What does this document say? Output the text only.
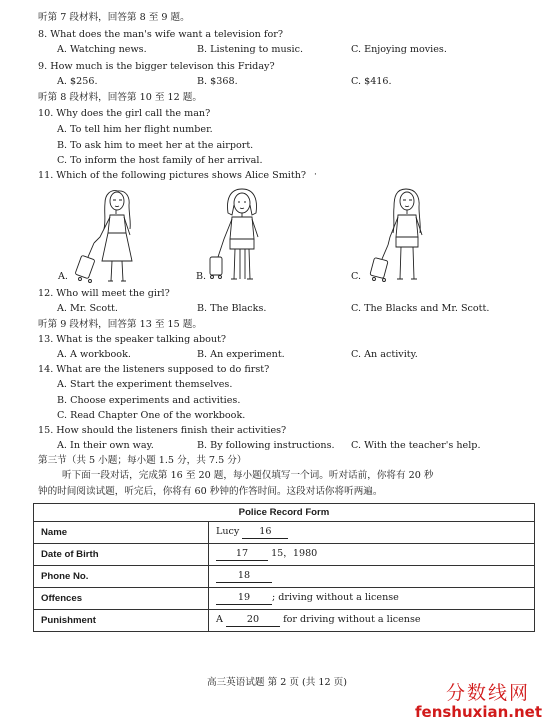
听第 7 段材料，回答第 8 至 9 题。
8. What does the man's wife want a television for?
A. Watching news.	B. Listening to music.	C. Enjoying movies.
9. How much is the bigger televison this Friday?
A. $256.	B. $368.	C. $416.
听第 8 段材料，回答第 10 至 12 题。
10. Why does the girl call the man?
A. To tell him her flight number.
B. To ask him to meet her at the airport.
C. To inform the host family of her arrival.
11. Which of the following pictures shows Alice Smith? ·
A.	B.	C.
12. Who will meet the girl?
A. Mr. Scott.	B. The Blacks.	C. The Blacks and Mr. Scott.
听第 9 段材料，回答第 13 至 15 题。
13. What is the speaker talking about?
A. A workbook.	B. An experiment.	C. An activity.
14. What are the listeners supposed to do first?
A. Start the experiment themselves.
B. Choose experiments and activities.
C. Read Chapter One of the workbook.
15. How should the listeners finish their activities?
A. In their own way.	B. By following instructions. C. With the teacher's help.
第三节（共 5 小题；每小题 1.5 分，共 7.5 分）
听下面一段对话，完成第 16 至 20 题，每小题仅填写一个词。听对话前，你将有 20 秒
钟的时间阅读试题，听完后，你将有 60 秒钟的作答时间。这段对话你将听两遍。
Police Record Form	
Name	Lucy 16
Date of Birth	17 15，1980
Phone No.	18
Offences	19 ; driving without a license
Punishment	A 20 for driving without a license
高三英语试题 第 2 页 (共 12 页)	分数线网
fenshuxian.net
